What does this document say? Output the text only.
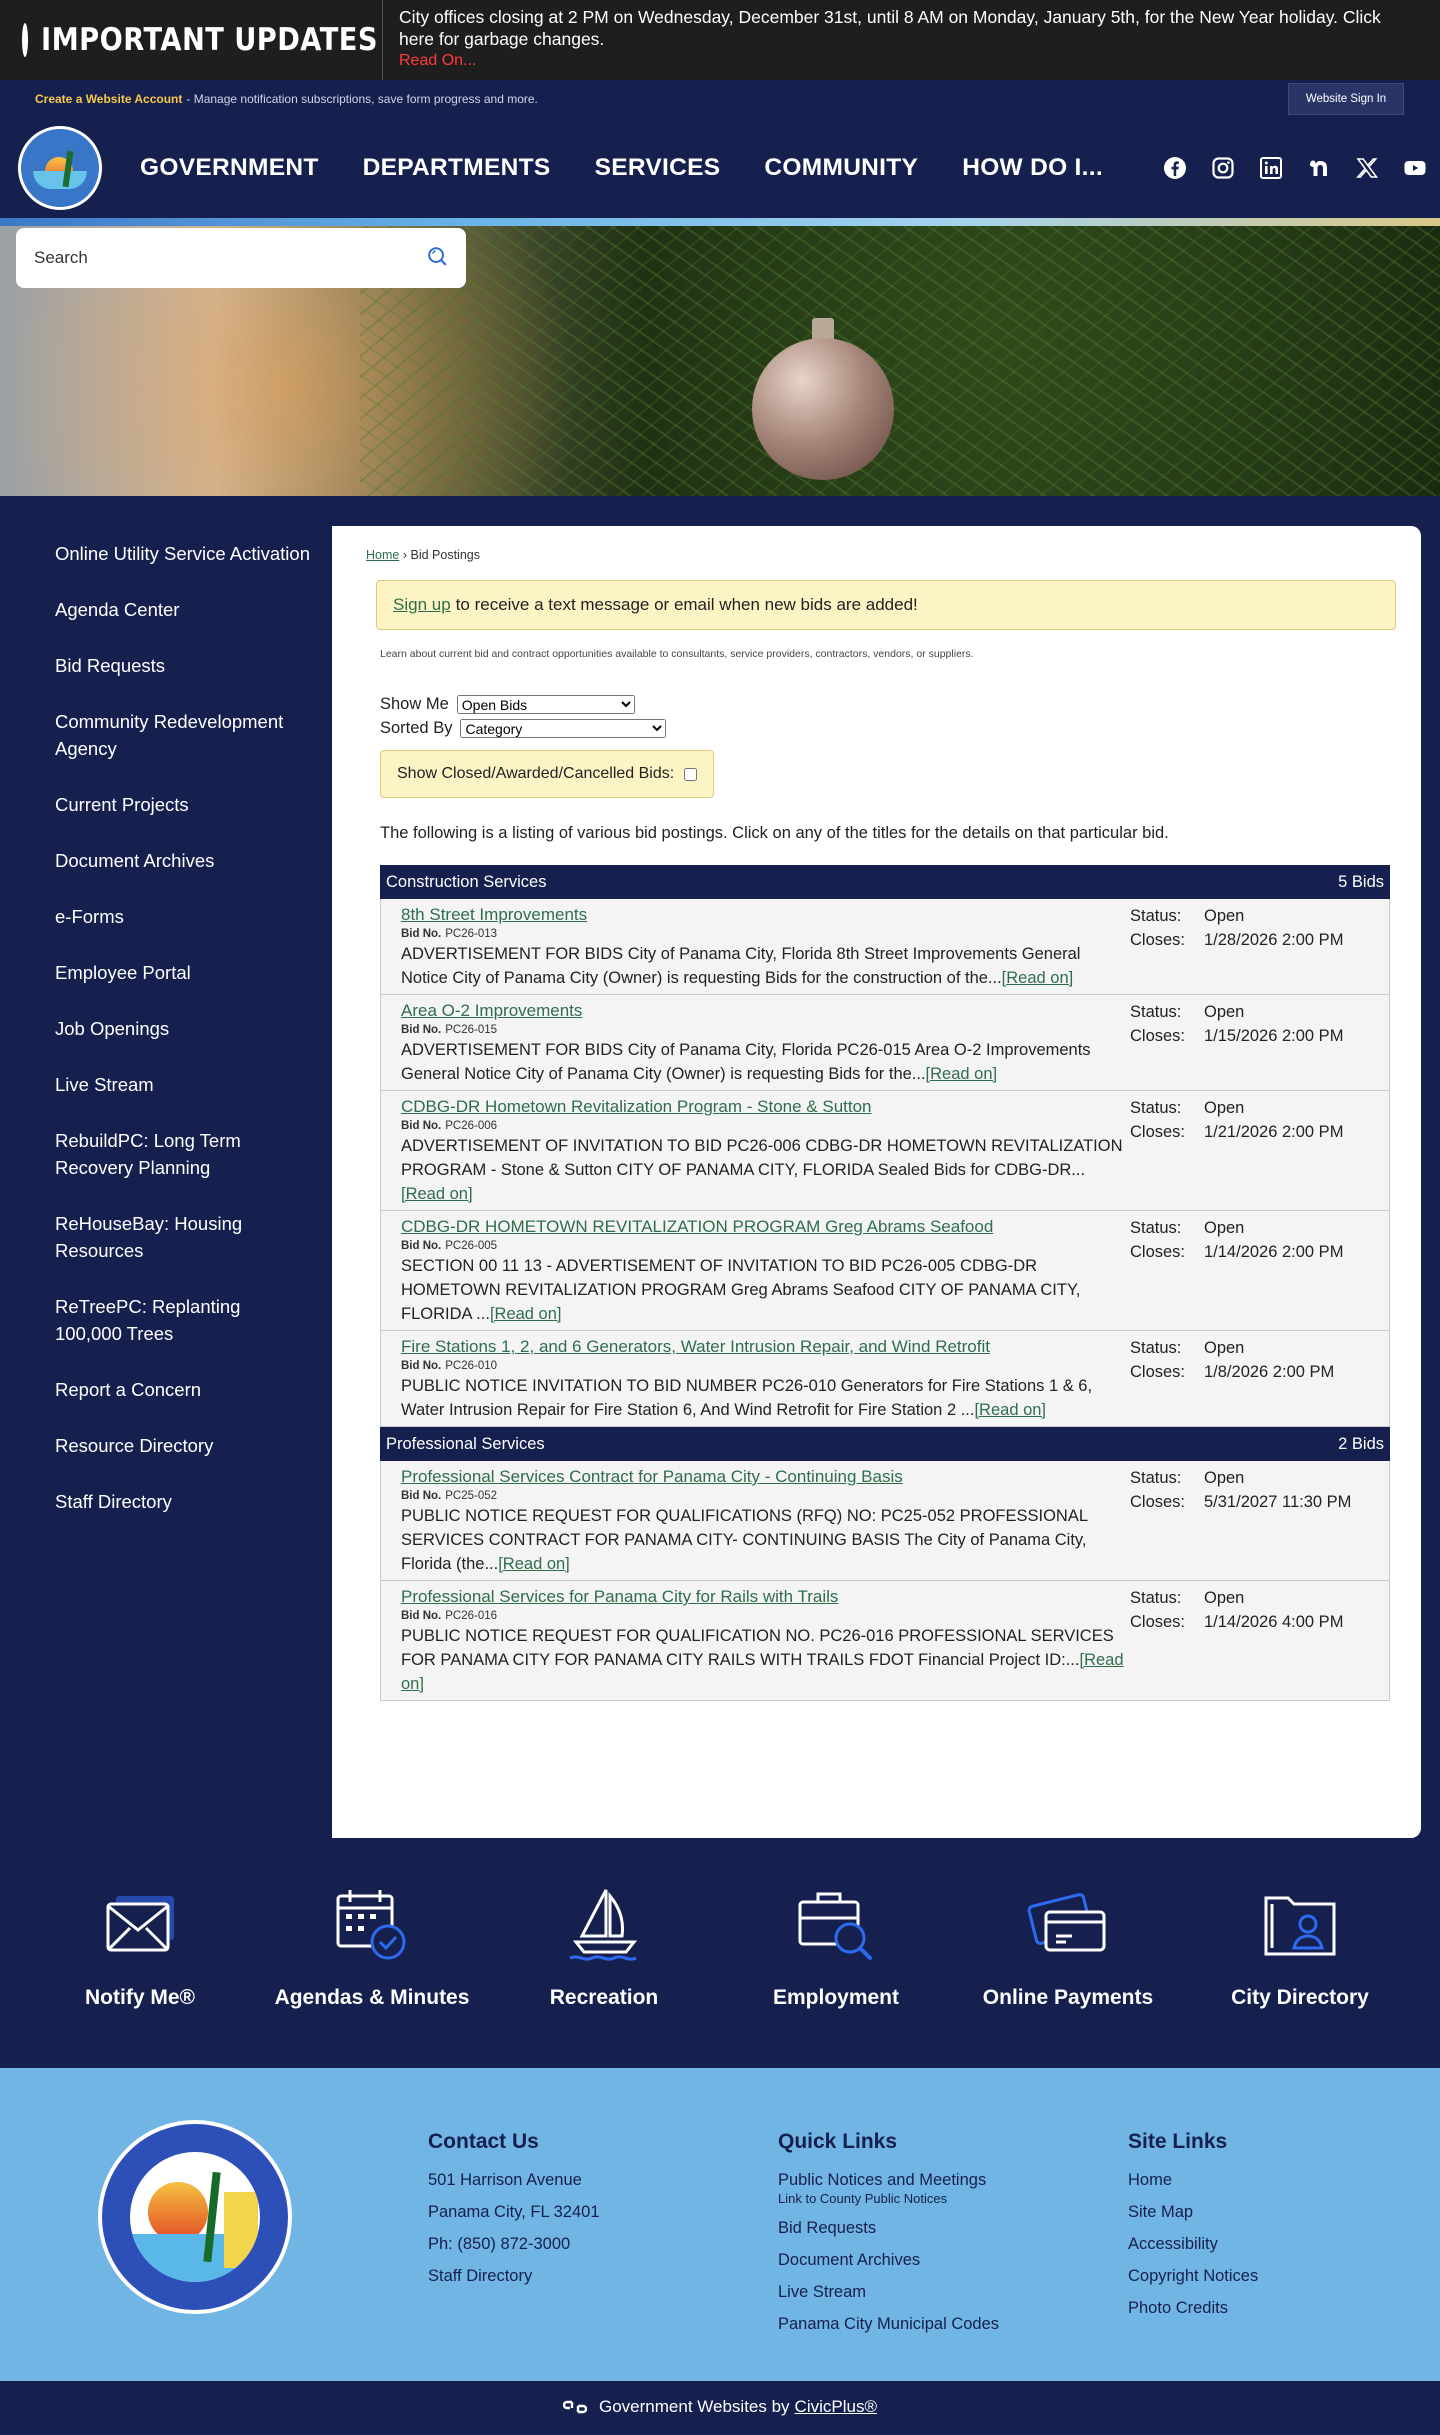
IMPORTANT UPDATES
City offices closing at 2 PM on Wednesday, December 31st, until 8 AM on Monday, January 5th, for the New Year holiday. Click here for garbage changes.
Read On...
Create a Website Account - Manage notification subscriptions, save form progress and more.	Website Sign In
GOVERNMENT DEPARTMENTS SERVICES COMMUNITY HOW DO I...
Search
Online Utility Service Activation
Agenda Center
Bid Requests
Community Redevelopment Agency
Current Projects
Document Archives
e-Forms
Employee Portal
Job Openings
Live Stream
RebuildPC: Long Term Recovery Planning
ReHouseBay: Housing Resources
ReTreePC: Replanting 100,000 Trees
Report a Concern
Resource Directory
Staff Directory
Home › Bid Postings
Sign up to receive a text message or email when new bids are added!
Learn about current bid and contract opportunities available to consultants, service providers, contractors, vendors, or suppliers.
Show Me
Open Bids
Sorted By
Category
Show Closed/Awarded/Cancelled Bids:
The following is a listing of various bid postings. Click on any of the titles for the details on that particular bid.
Construction Services	5 Bids
8th Street Improvements
Bid No. PC26-013
ADVERTISEMENT FOR BIDS City of Panama City, Florida 8th Street Improvements General Notice City of Panama City (Owner) is requesting Bids for the construction of the...[Read on]
Status:	Open
Closes:	1/28/2026 2:00 PM
Area O-2 Improvements
Bid No. PC26-015
ADVERTISEMENT FOR BIDS City of Panama City, Florida PC26-015 Area O-2 Improvements General Notice City of Panama City (Owner) is requesting Bids for the...[Read on]
Status:	Open
Closes:	1/15/2026 2:00 PM
CDBG-DR Hometown Revitalization Program - Stone & Sutton
Bid No. PC26-006
ADVERTISEMENT OF INVITATION TO BID PC26-006 CDBG-DR HOMETOWN REVITALIZATION PROGRAM - Stone & Sutton CITY OF PANAMA CITY, FLORIDA Sealed Bids for CDBG-DR...[Read on]
Status:	Open
Closes:	1/21/2026 2:00 PM
CDBG-DR HOMETOWN REVITALIZATION PROGRAM Greg Abrams Seafood
Bid No. PC26-005
SECTION 00 11 13 - ADVERTISEMENT OF INVITATION TO BID PC26-005 CDBG-DR HOMETOWN REVITALIZATION PROGRAM Greg Abrams Seafood CITY OF PANAMA CITY, FLORIDA ...[Read on]
Status:	Open
Closes:	1/14/2026 2:00 PM
Fire Stations 1, 2, and 6 Generators, Water Intrusion Repair, and Wind Retrofit
Bid No. PC26-010
PUBLIC NOTICE INVITATION TO BID NUMBER PC26-010 Generators for Fire Stations 1 & 6, Water Intrusion Repair for Fire Station 6, And Wind Retrofit for Fire Station 2 ...[Read on]
Status:	Open
Closes:	1/8/2026 2:00 PM
Professional Services	2 Bids
Professional Services Contract for Panama City - Continuing Basis
Bid No. PC25-052
PUBLIC NOTICE REQUEST FOR QUALIFICATIONS (RFQ) NO: PC25-052 PROFESSIONAL SERVICES CONTRACT FOR PANAMA CITY- CONTINUING BASIS The City of Panama City, Florida (the...[Read on]
Status:	Open
Closes:	5/31/2027 11:30 PM
Professional Services for Panama City for Rails with Trails
Bid No. PC26-016
PUBLIC NOTICE REQUEST FOR QUALIFICATION NO. PC26-016 PROFESSIONAL SERVICES FOR PANAMA CITY FOR PANAMA CITY RAILS WITH TRAILS FDOT Financial Project ID:...[Read on]
Status:	Open
Closes:	1/14/2026 4:00 PM
Notify Me®	Agendas & Minutes	Recreation	Employment	Online Payments	City Directory
Contact Us
501 Harrison Avenue
Panama City, FL 32401
Ph: (850) 872-3000
Staff Directory
Quick Links
Public Notices and Meetings
Link to County Public Notices
Bid Requests
Document Archives
Live Stream
Panama City Municipal Codes
Site Links
Home
Site Map
Accessibility
Copyright Notices
Photo Credits
Government Websites by CivicPlus®
